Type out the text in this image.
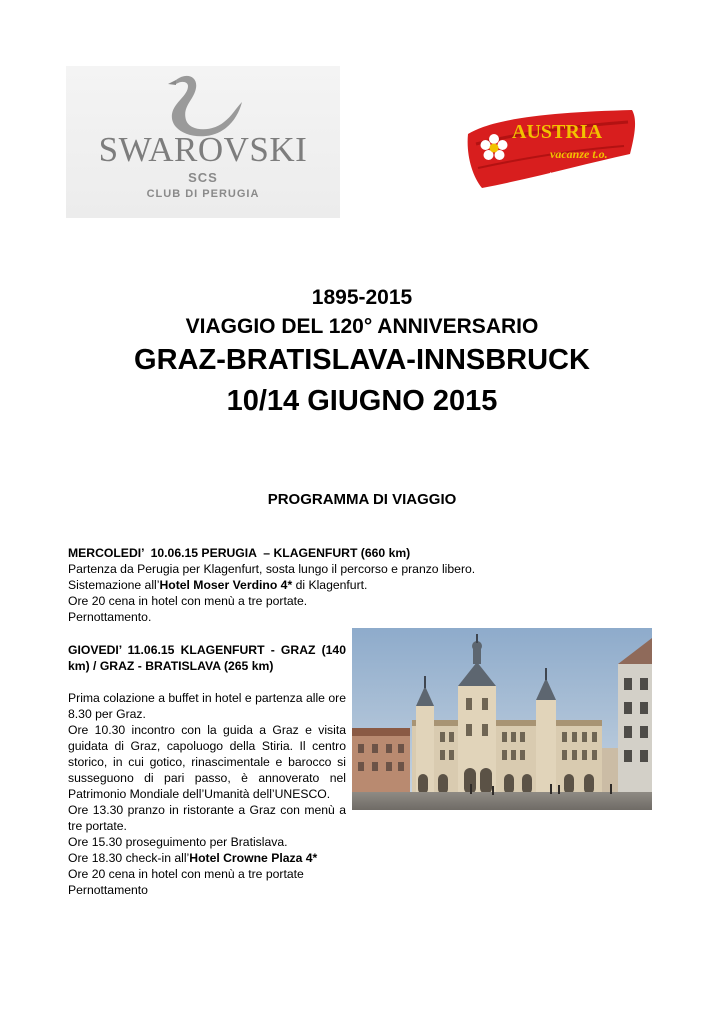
SWAROVSKI
SCS
CLUB DI PERUGIA
AUSTRIA
vacanze t.o.
by Cobianchi Viaggi 1925®
1895-2015
VIAGGIO DEL 120° ANNIVERSARIO
GRAZ-BRATISLAVA-INNSBRUCK
10/14 GIUGNO 2015
PROGRAMMA DI VIAGGIO
MERCOLEDI’  10.06.15 PERUGIA  – KLAGENFURT (660 km)
Partenza da Perugia per Klagenfurt, sosta lungo il percorso e pranzo libero.
Sistemazione all’Hotel Moser Verdino 4* di Klagenfurt.
Ore 20 cena in hotel con menù a tre portate.
Pernottamento.
GIOVEDI’ 11.06.15 KLAGENFURT - GRAZ (140 km) / GRAZ - BRATISLAVA (265 km)
Prima colazione a buffet in hotel e partenza alle ore 8.30 per Graz.
Ore 10.30 incontro con la guida a Graz e visita guidata di Graz, capoluogo della Stiria. Il centro storico, in cui gotico, rinascimentale e barocco si susseguono di pari passo, è annoverato nel Patrimonio Mondiale dell’Umanità dell’UNESCO.
Ore 13.30 pranzo in ristorante a Graz con menù a tre portate.
Ore 15.30 proseguimento per Bratislava.
Ore 18.30 check-in all’Hotel Crowne Plaza 4*
Ore 20 cena in hotel con menù a tre portate
Pernottamento
